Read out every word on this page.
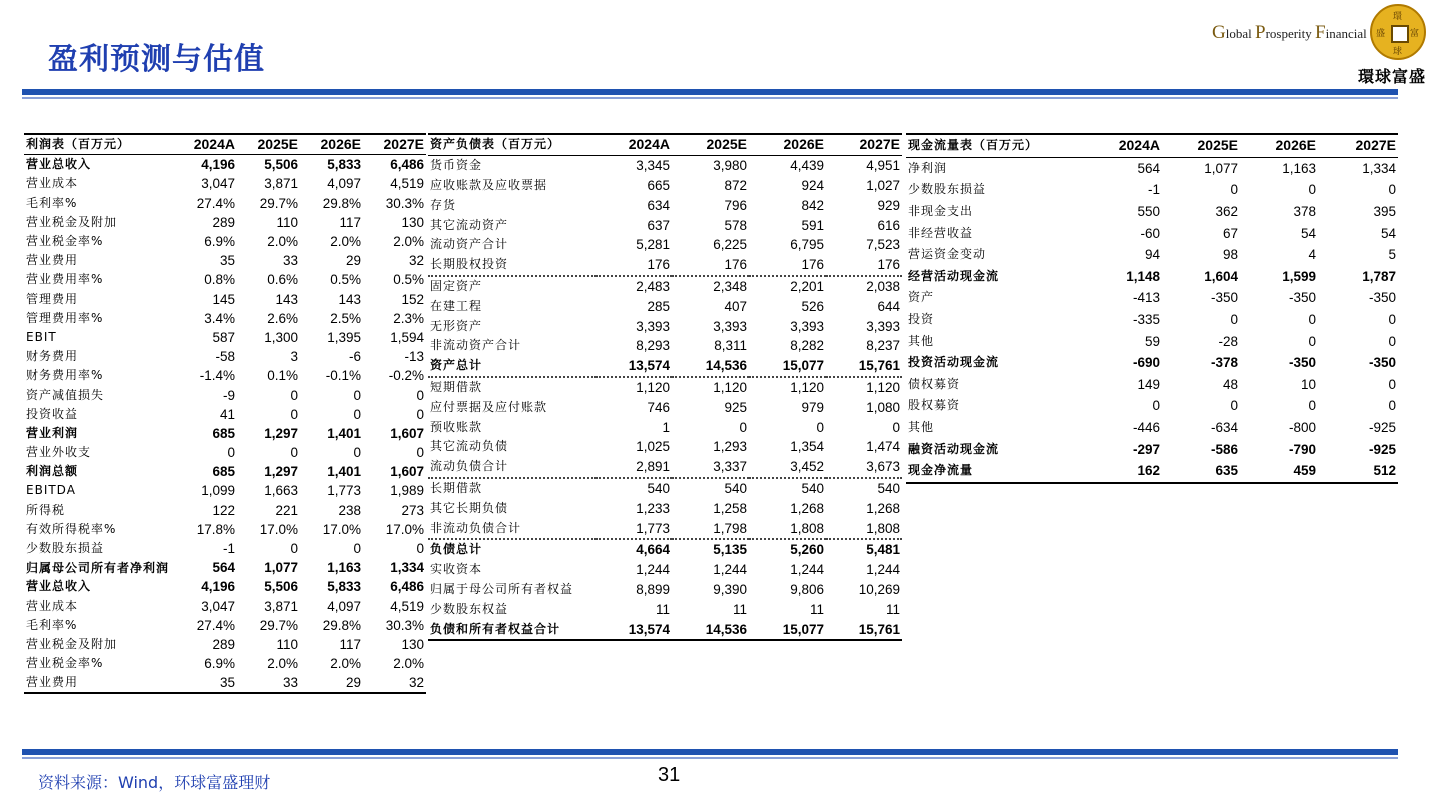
盈利预测与估值
Global Prosperity Financial
環
富
盛
球
環球富盛
利润表（百万元）	2024A	2025E	2026E	2027E
营业总收入	4,196	5,506	5,833	6,486
营业成本	3,047	3,871	4,097	4,519
毛利率%	27.4%	29.7%	29.8%	30.3%
营业税金及附加	289	110	117	130
营业税金率%	6.9%	2.0%	2.0%	2.0%
营业费用	35	33	29	32
营业费用率%	0.8%	0.6%	0.5%	0.5%
管理费用	145	143	143	152
管理费用率%	3.4%	2.6%	2.5%	2.3%
EBIT	587	1,300	1,395	1,594
财务费用	-58	3	-6	-13
财务费用率%	-1.4%	0.1%	-0.1%	-0.2%
资产减值损失	-9	0	0	0
投资收益	41	0	0	0
营业利润	685	1,297	1,401	1,607
营业外收支	0	0	0	0
利润总额	685	1,297	1,401	1,607
EBITDA	1,099	1,663	1,773	1,989
所得税	122	221	238	273
有效所得税率%	17.8%	17.0%	17.0%	17.0%
少数股东损益	-1	0	0	0
归属母公司所有者净利润	564	1,077	1,163	1,334
营业总收入	4,196	5,506	5,833	6,486
营业成本	3,047	3,871	4,097	4,519
毛利率%	27.4%	29.7%	29.8%	30.3%
营业税金及附加	289	110	117	130
营业税金率%	6.9%	2.0%	2.0%	2.0%
营业费用	35	33	29	32
资产负债表（百万元）	2024A	2025E	2026E	2027E
货币资金	3,345	3,980	4,439	4,951
应收账款及应收票据	665	872	924	1,027
存货	634	796	842	929
其它流动资产	637	578	591	616
流动资产合计	5,281	6,225	6,795	7,523
长期股权投资	176	176	176	176
固定资产	2,483	2,348	2,201	2,038
在建工程	285	407	526	644
无形资产	3,393	3,393	3,393	3,393
非流动资产合计	8,293	8,311	8,282	8,237
资产总计	13,574	14,536	15,077	15,761
短期借款	1,120	1,120	1,120	1,120
应付票据及应付账款	746	925	979	1,080
预收账款	1	0	0	0
其它流动负债	1,025	1,293	1,354	1,474
流动负债合计	2,891	3,337	3,452	3,673
长期借款	540	540	540	540
其它长期负债	1,233	1,258	1,268	1,268
非流动负债合计	1,773	1,798	1,808	1,808
负债总计	4,664	5,135	5,260	5,481
实收资本	1,244	1,244	1,244	1,244
归属于母公司所有者权益	8,899	9,390	9,806	10,269
少数股东权益	11	11	11	11
负债和所有者权益合计	13,574	14,536	15,077	15,761
现金流量表（百万元）	2024A	2025E	2026E	2027E
净利润	564	1,077	1,163	1,334
少数股东损益	-1	0	0	0
非现金支出	550	362	378	395
非经营收益	-60	67	54	54
营运资金变动	94	98	4	5
经营活动现金流	1,148	1,604	1,599	1,787
资产	-413	-350	-350	-350
投资	-335	0	0	0
其他	59	-28	0	0
投资活动现金流	-690	-378	-350	-350
债权募资	149	48	10	0
股权募资	0	0	0	0
其他	-446	-634	-800	-925
融资活动现金流	-297	-586	-790	-925
现金净流量	162	635	459	512
资料来源：Wind，环球富盛理财	31
